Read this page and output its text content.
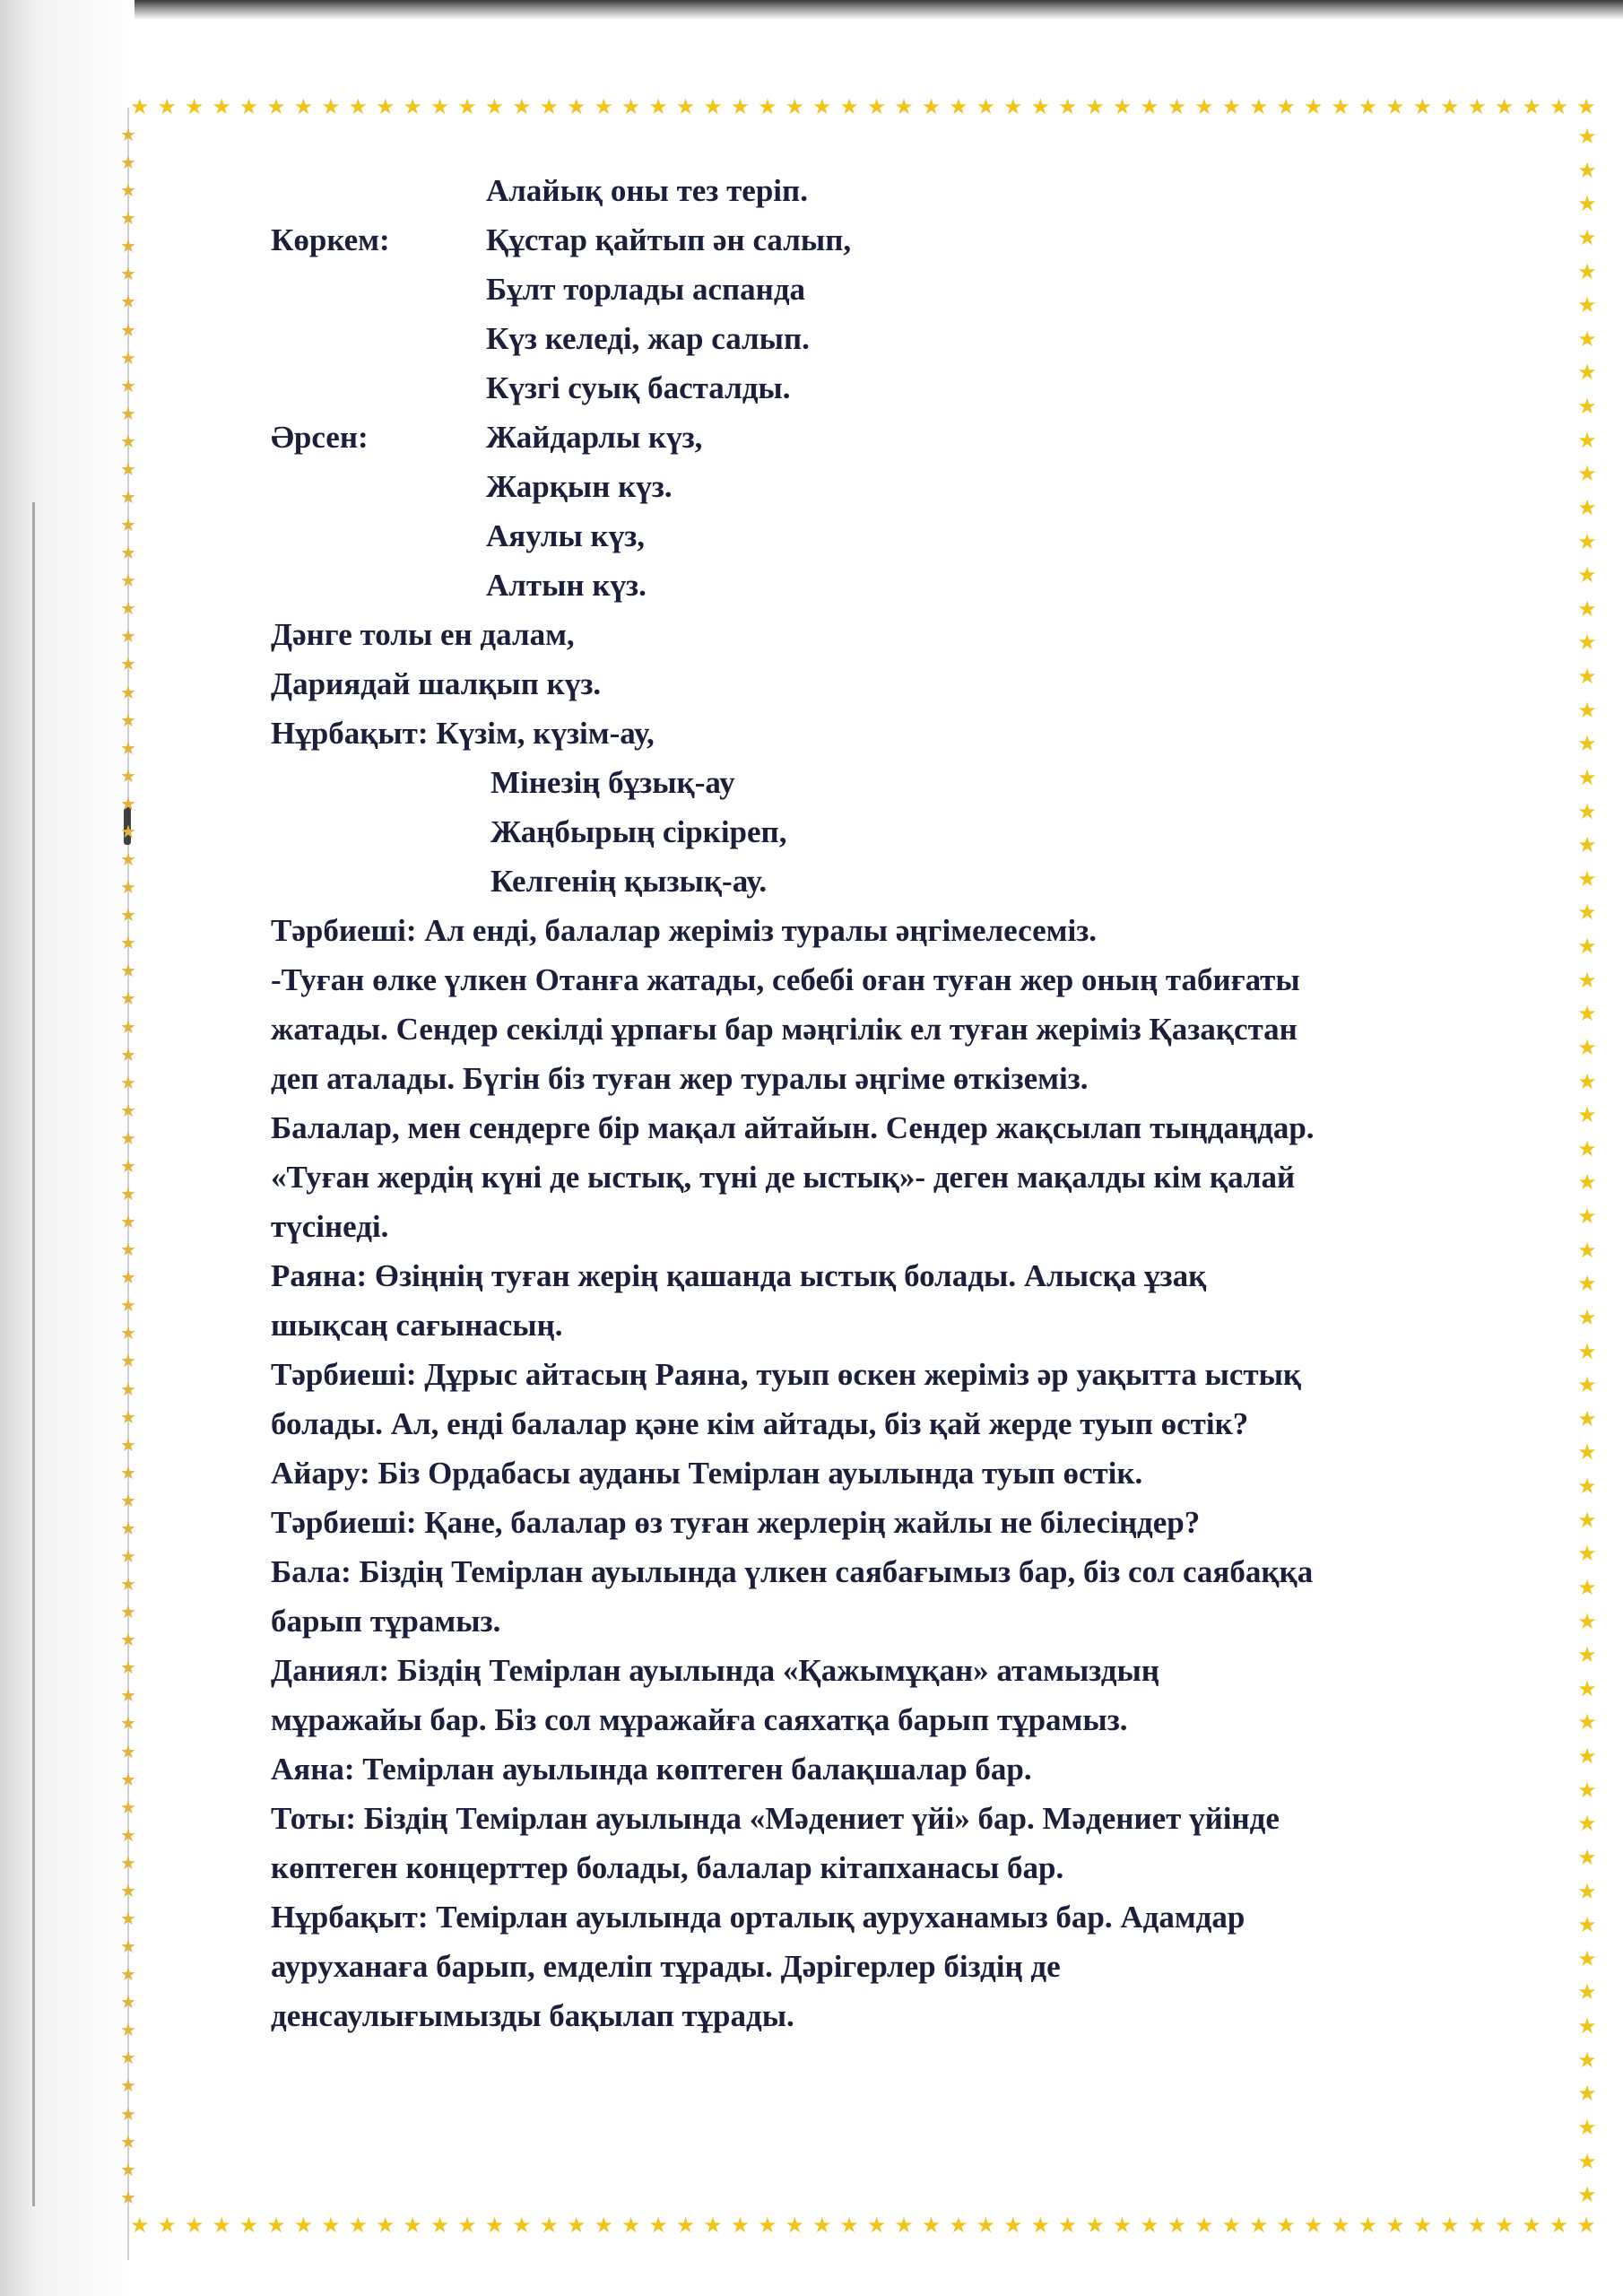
★ ★ ★ ★ ★ ★ ★ ★ ★ ★ ★ ★ ★ ★ ★ ★ ★ ★ ★ ★ ★ ★ ★ ★ ★ ★ ★ ★ ★ ★ ★ ★ ★ ★ ★ ★ ★ ★ ★ ★ ★ ★ ★ ★ ★ ★ ★ ★ ★ ★ ★ ★ ★ ★
★ ★ ★ ★ ★ ★ ★ ★ ★ ★ ★ ★ ★ ★ ★ ★ ★ ★ ★ ★ ★ ★ ★ ★ ★ ★ ★ ★ ★ ★ ★ ★ ★ ★ ★ ★ ★ ★ ★ ★ ★ ★ ★ ★ ★ ★ ★ ★ ★ ★ ★ ★ ★ ★
★
★
★
★
★
★
★
★
★
★
★
★
★
★
★
★
★
★
★
★
★
★
★
★
★
★
★
★
★
★
★
★
★
★
★
★
★
★
★
★
★
★
★
★
★
★
★
★
★
★
★
★
★
★
★
★
★
★
★
★
★
★
★
★
★
★
★
★
★
★
★
★
★
★
★
★
★
★
★
★
★
★
★
★
★
★
★
★
★
★
★
★
★
★
★
★
★
★
★
★
★
★
★
★
★
★
★
★
★
★
★
★
★
★
★
★
★
★
★
★
★
★
★
★
★
★
★
★
★
★
★
★
★
★
★
★
★
Алайық оны тез теріп.
Көркем:	Құстар қайтып ән салып,
Бұлт торлады аспанда
Күз келеді, жар салып.
Күзгі суық басталды.
Әрсен:	Жайдарлы күз,
Жарқын күз.
Аяулы күз,
Алтын күз.
Дәнге толы ен далам,
Дариядай шалқып күз.
Нұрбақыт: Күзім, күзім-ау,
Мінезің бұзық-ау
Жаңбырың сіркіреп,
Келгенің қызық-ау.
Тәрбиеші: Ал енді, балалар жеріміз туралы әңгімелесеміз.
-Туған өлке үлкен Отанға жатады, себебі оған туған жер оның табиғаты
жатады. Сендер секілді ұрпағы бар мәңгілік ел туған жеріміз Қазақстан
деп аталады. Бүгін біз туған жер туралы әңгіме өткіземіз.
Балалар, мен сендерге бір мақал айтайын. Сендер жақсылап тыңдаңдар.
«Туған жердің күні де ыстық, түні де ыстық»- деген мақалды кім қалай
түсінеді.
Раяна: Өзіңнің туған жерің қашанда ыстық болады. Алысқа ұзақ
шықсаң сағынасың.
Тәрбиеші: Дұрыс айтасың Раяна, туып өскен жеріміз әр уақытта ыстық
болады. Ал, енді балалар қәне кім айтады, біз қай жерде туып өстік?
Айару: Біз Ордабасы ауданы Темірлан ауылында туып өстік.
Тәрбиеші: Қане, балалар өз туған жерлерің жайлы не білесіңдер?
Бала: Біздің Темірлан ауылында үлкен саябағымыз бар, біз сол саябаққа
барып тұрамыз.
Даниял: Біздің Темірлан ауылында «Қажымұқан» атамыздың
мұражайы бар. Біз сол мұражайға саяхатқа барып тұрамыз.
Аяна: Темірлан ауылында көптеген балақшалар бар.
Тоты: Біздің Темірлан ауылында «Мәдениет үйі» бар. Мәдениет үйінде
көптеген концерттер болады, балалар кітапханасы бар.
Нұрбақыт: Темірлан ауылында орталық ауруханамыз бар. Адамдар
ауруханаға барып, емделіп тұрады. Дәрігерлер біздің де
денсаулығымызды бақылап тұрады.
